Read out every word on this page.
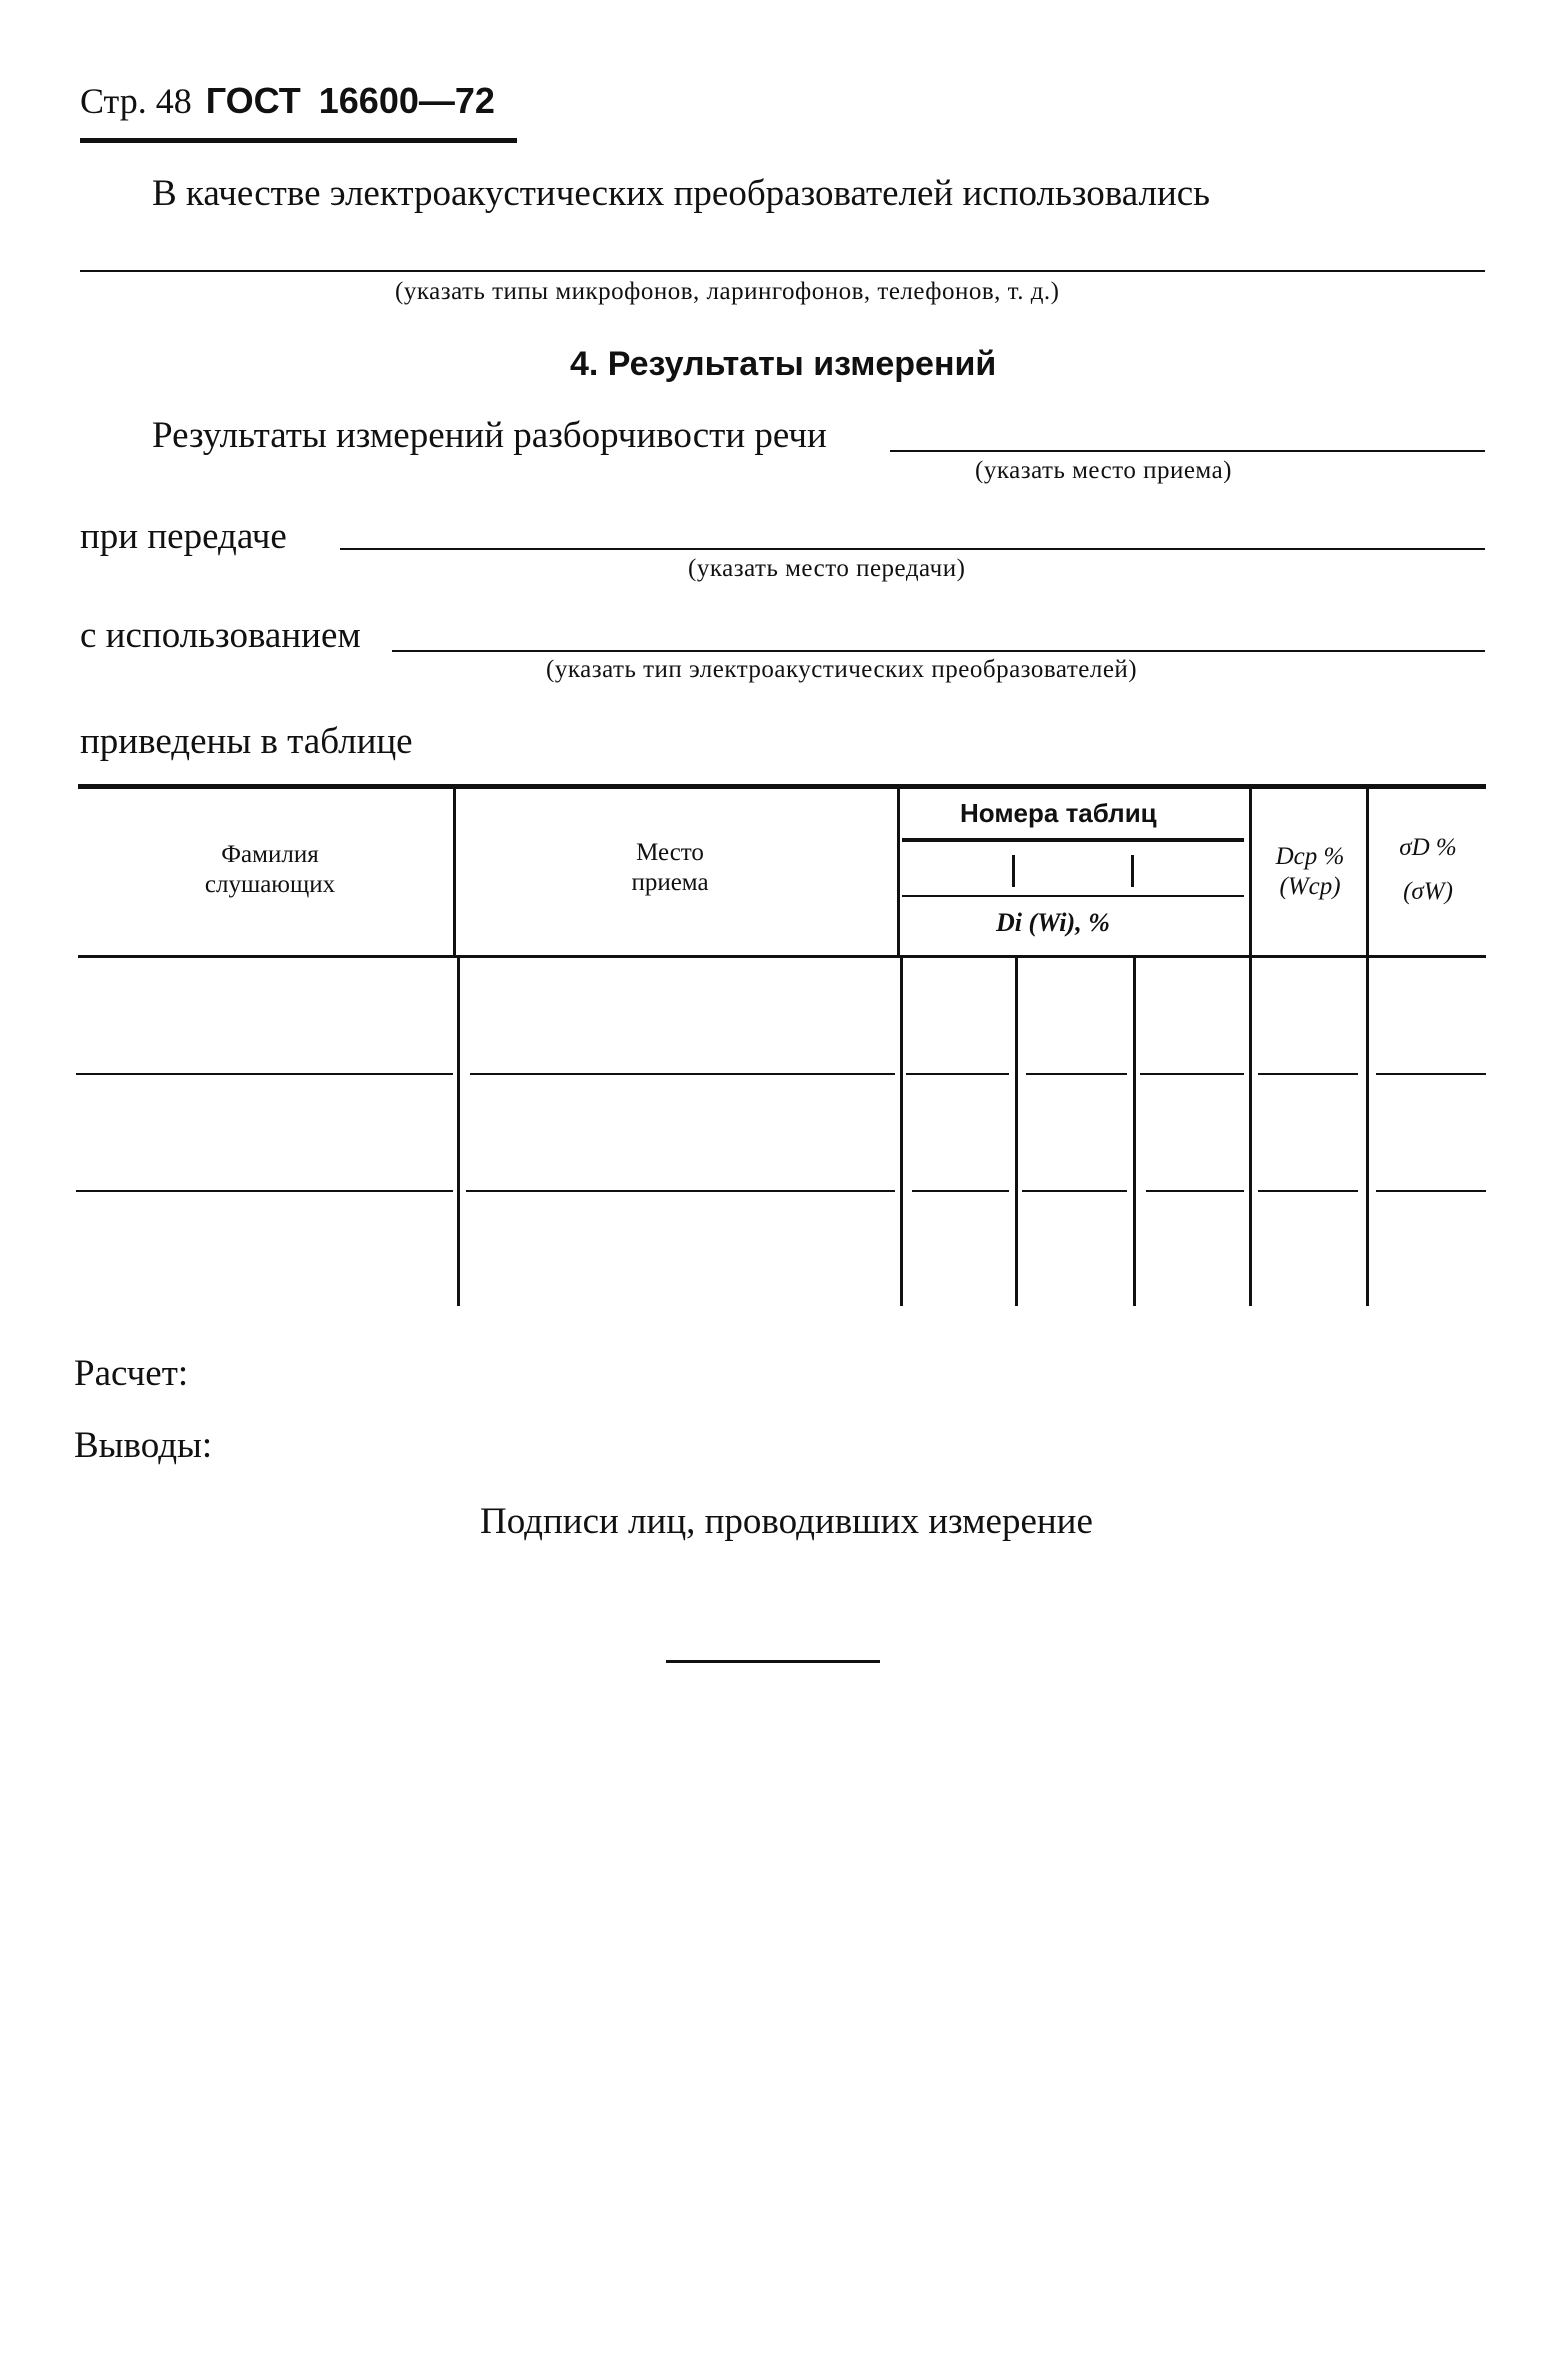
Стр. 48 ГОСТ 16600—72
В качестве электроакустических преобразователей использовались
(указать типы микрофонов, ларингофонов, телефонов, т. д.)
4. Результаты измерений
Результаты измерений разборчивости речи
(указать место приема)
при передаче
(указать место передачи)
с использованием
(указать тип электроакустических преобразователей)
приведены в таблице
Фамилия
слушающих
Место
приема
Номера таблиц
Di (Wi), %
Dср %
(Wср)
σD %
(σW)
Расчет:
Выводы:
Подписи лиц, проводивших измерение
